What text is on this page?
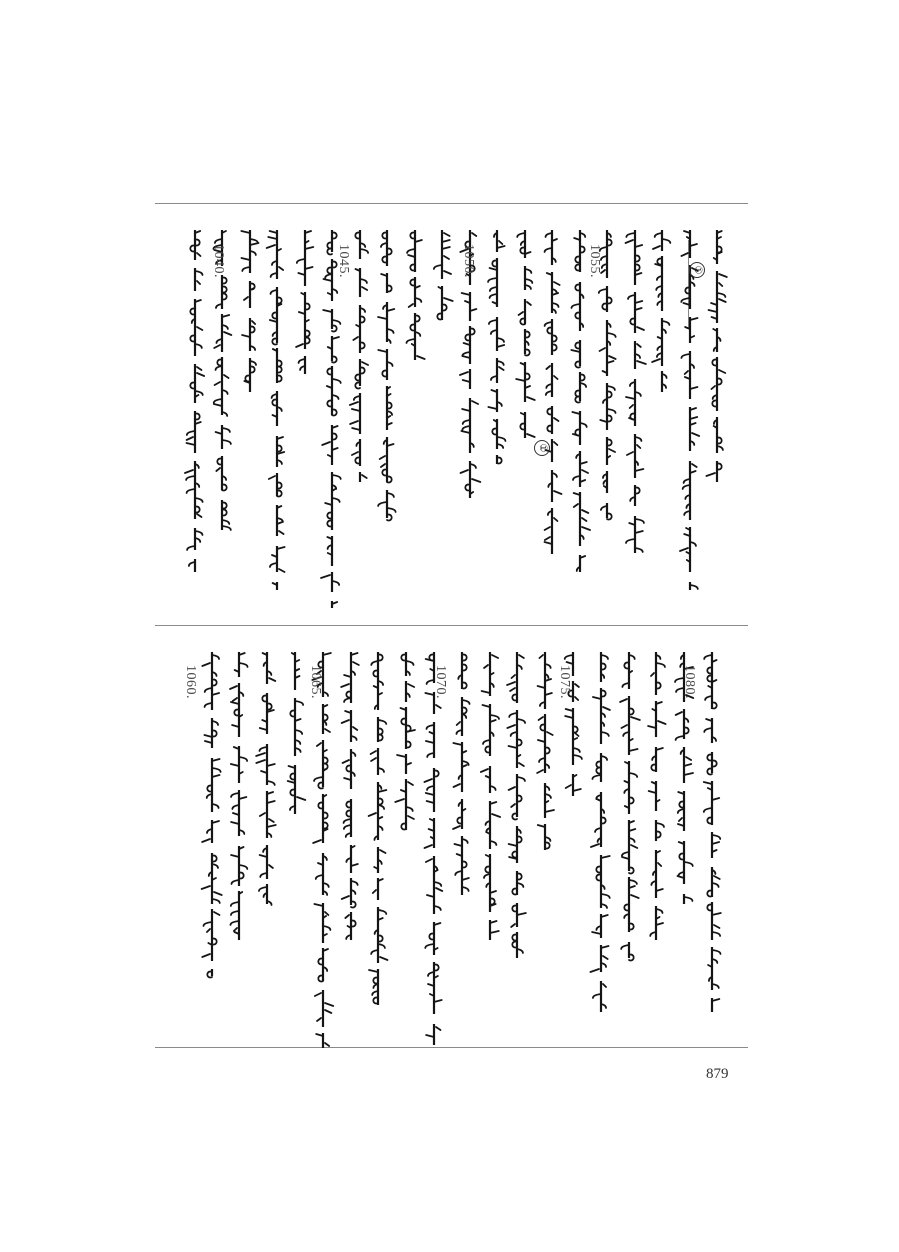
1055.
1050.
1045.
1040.
1080.
1075.
1070.
1065.
1060.
①
①
879
